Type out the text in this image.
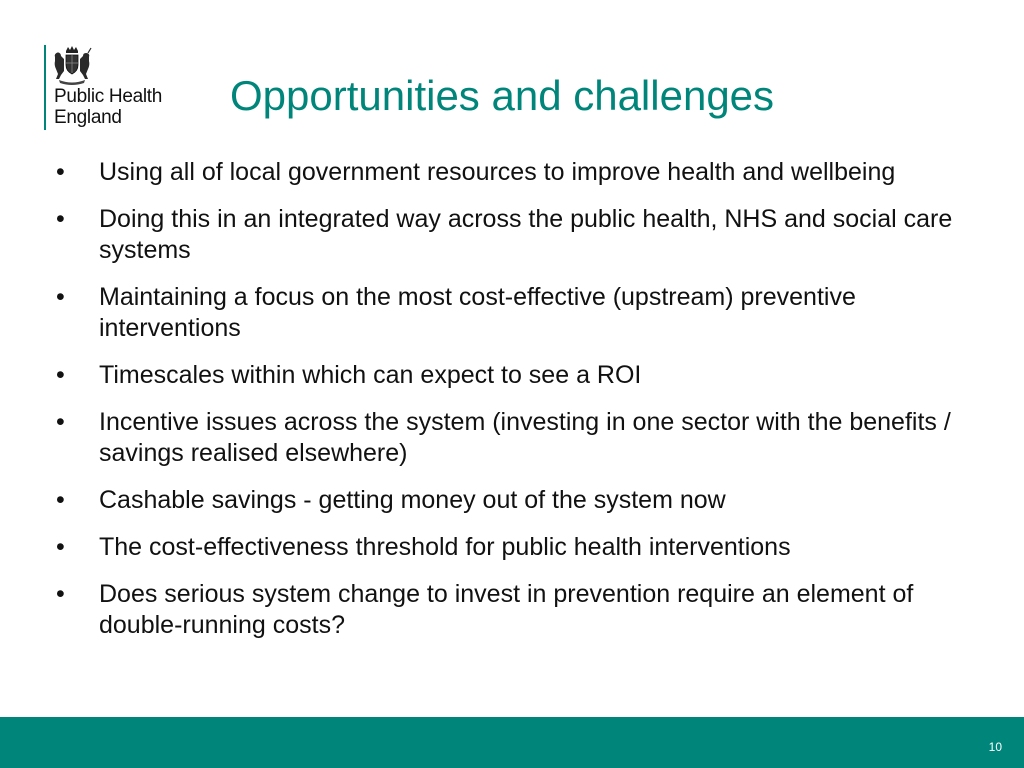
Public Health
England	Opportunities and challenges
• Using all of local government resources to improve health and wellbeing
• Doing this in an integrated way across the public health, NHS and social care systems
• Maintaining a focus on the most cost-effective (upstream) preventive interventions
• Timescales within which can expect to see a ROI
• Incentive issues across the system (investing in one sector with the benefits / savings realised elsewhere)
• Cashable savings - getting money out of the system now
• The cost-effectiveness threshold for public health interventions
• Does serious system change to invest in prevention require an element of double-running costs?
10
